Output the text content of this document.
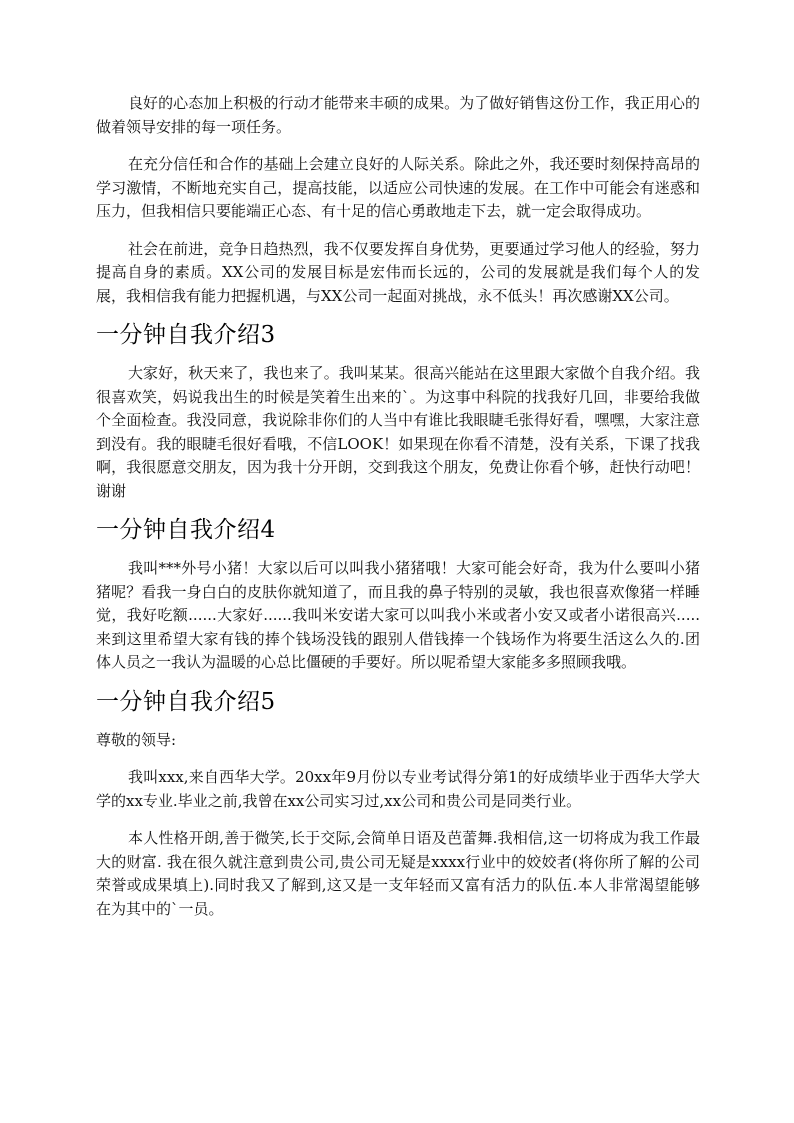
良好的心态加上积极的行动才能带来丰硕的成果。为了做好销售这份工作，我正用心的做着领导安排的每一项任务。

在充分信任和合作的基础上会建立良好的人际关系。除此之外，我还要时刻保持高昂的学习激情，不断地充实自己，提高技能，以适应公司快速的发展。在工作中可能会有迷惑和压力，但我相信只要能端正心态、有十足的信心勇敢地走下去，就一定会取得成功。

社会在前进，竞争日趋热烈，我不仅要发挥自身优势，更要通过学习他人的经验，努力提高自身的素质。XX公司的发展目标是宏伟而长远的，公司的发展就是我们每个人的发展，我相信我有能力把握机遇，与XX公司一起面对挑战，永不低头！再次感谢XX公司。

一分钟自我介绍3

大家好，秋天来了，我也来了。我叫某某。很高兴能站在这里跟大家做个自我介绍。我很喜欢笑，妈说我出生的时候是笑着生出来的`。为这事中科院的找我好几回，非要给我做个全面检查。我没同意，我说除非你们的人当中有谁比我眼睫毛张得好看，嘿嘿，大家注意到没有。我的眼睫毛很好看哦，不信LOOK！如果现在你看不清楚，没有关系，下课了找我啊，我很愿意交朋友，因为我十分开朗，交到我这个朋友，免费让你看个够，赶快行动吧！谢谢

一分钟自我介绍4

我叫***外号小猪！大家以后可以叫我小猪猪哦！大家可能会好奇，我为什么要叫小猪猪呢？看我一身白白的皮肤你就知道了，而且我的鼻子特别的灵敏，我也很喜欢像猪一样睡觉，我好吃额......大家好......我叫米安诺大家可以叫我小米或者小安又或者小诺很高兴.....来到这里希望大家有钱的捧个钱场没钱的跟别人借钱捧一个钱场作为将要生活这么久的.团体人员之一我认为温暖的心总比僵硬的手要好。所以呢希望大家能多多照顾我哦。

一分钟自我介绍5

尊敬的领导:

我叫xxx,来自西华大学。20xx年9月份以专业考试得分第1的好成绩毕业于西华大学大学的xx专业.毕业之前,我曾在xx公司实习过,xx公司和贵公司是同类行业。

本人性格开朗,善于微笑,长于交际,会简单日语及芭蕾舞.我相信,这一切将成为我工作最大的财富. 我在很久就注意到贵公司,贵公司无疑是xxxx行业中的姣姣者(将你所了解的公司荣誉或成果填上).同时我又了解到,这又是一支年轻而又富有活力的队伍.本人非常渴望能够在为其中的`一员。
